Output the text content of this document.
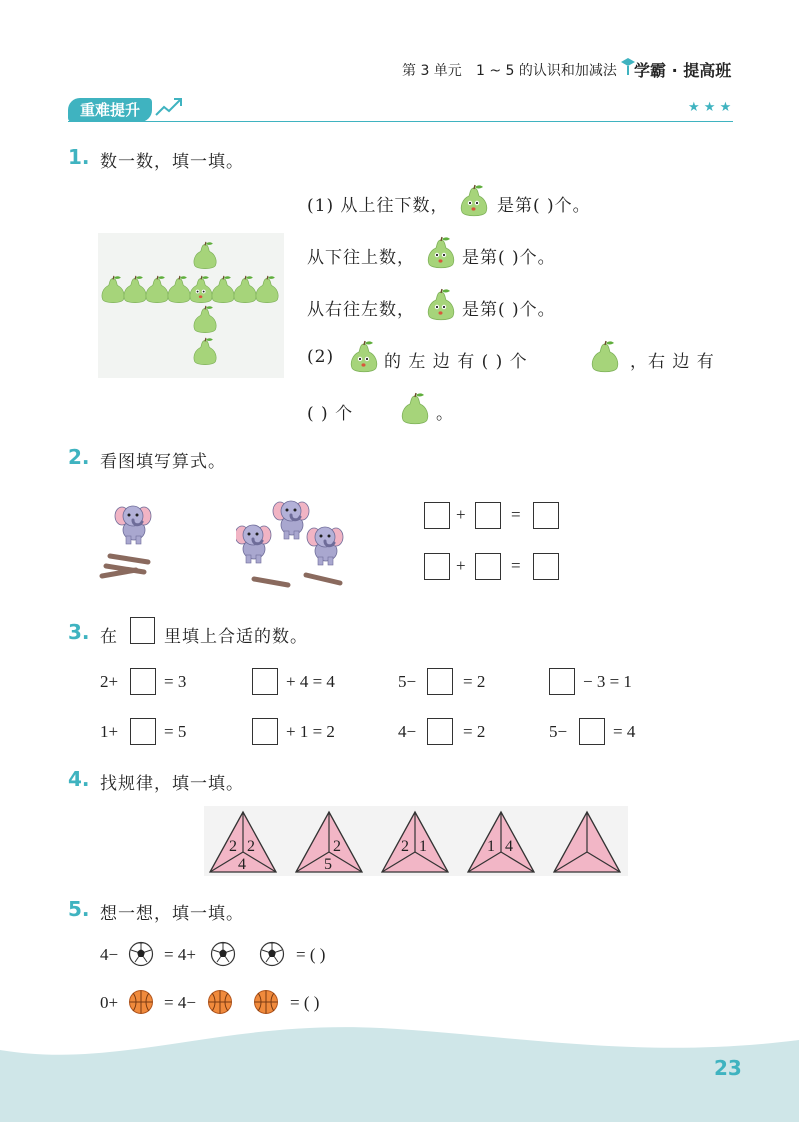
第 3 单元 1 ~ 5 的认识和加减法 学霸 · 提高班
重难提升	★ ★ ★
1. 数一数，填一填。
(1) 从上往下数，	是第( )个。
从下往上数，	是第( )个。
从右往左数，	是第( )个。
(2)	的 左 边 有 ( ) 个	，右 边 有
( ) 个	。
2. 看图填写算式。
+	=
+	=
3. 在	里填上合适的数。
2+	= 3	+ 4 = 4	5−	= 2	− 3 = 1
1+	= 5	+ 1 = 2	4−	= 2	5−	= 4
4. 找规律，填一填。
2 2
4
2
5
2 1	1 4
5. 想一想，填一填。
4−	= 4+	= ( )
0+	= 4−	= ( )
23
